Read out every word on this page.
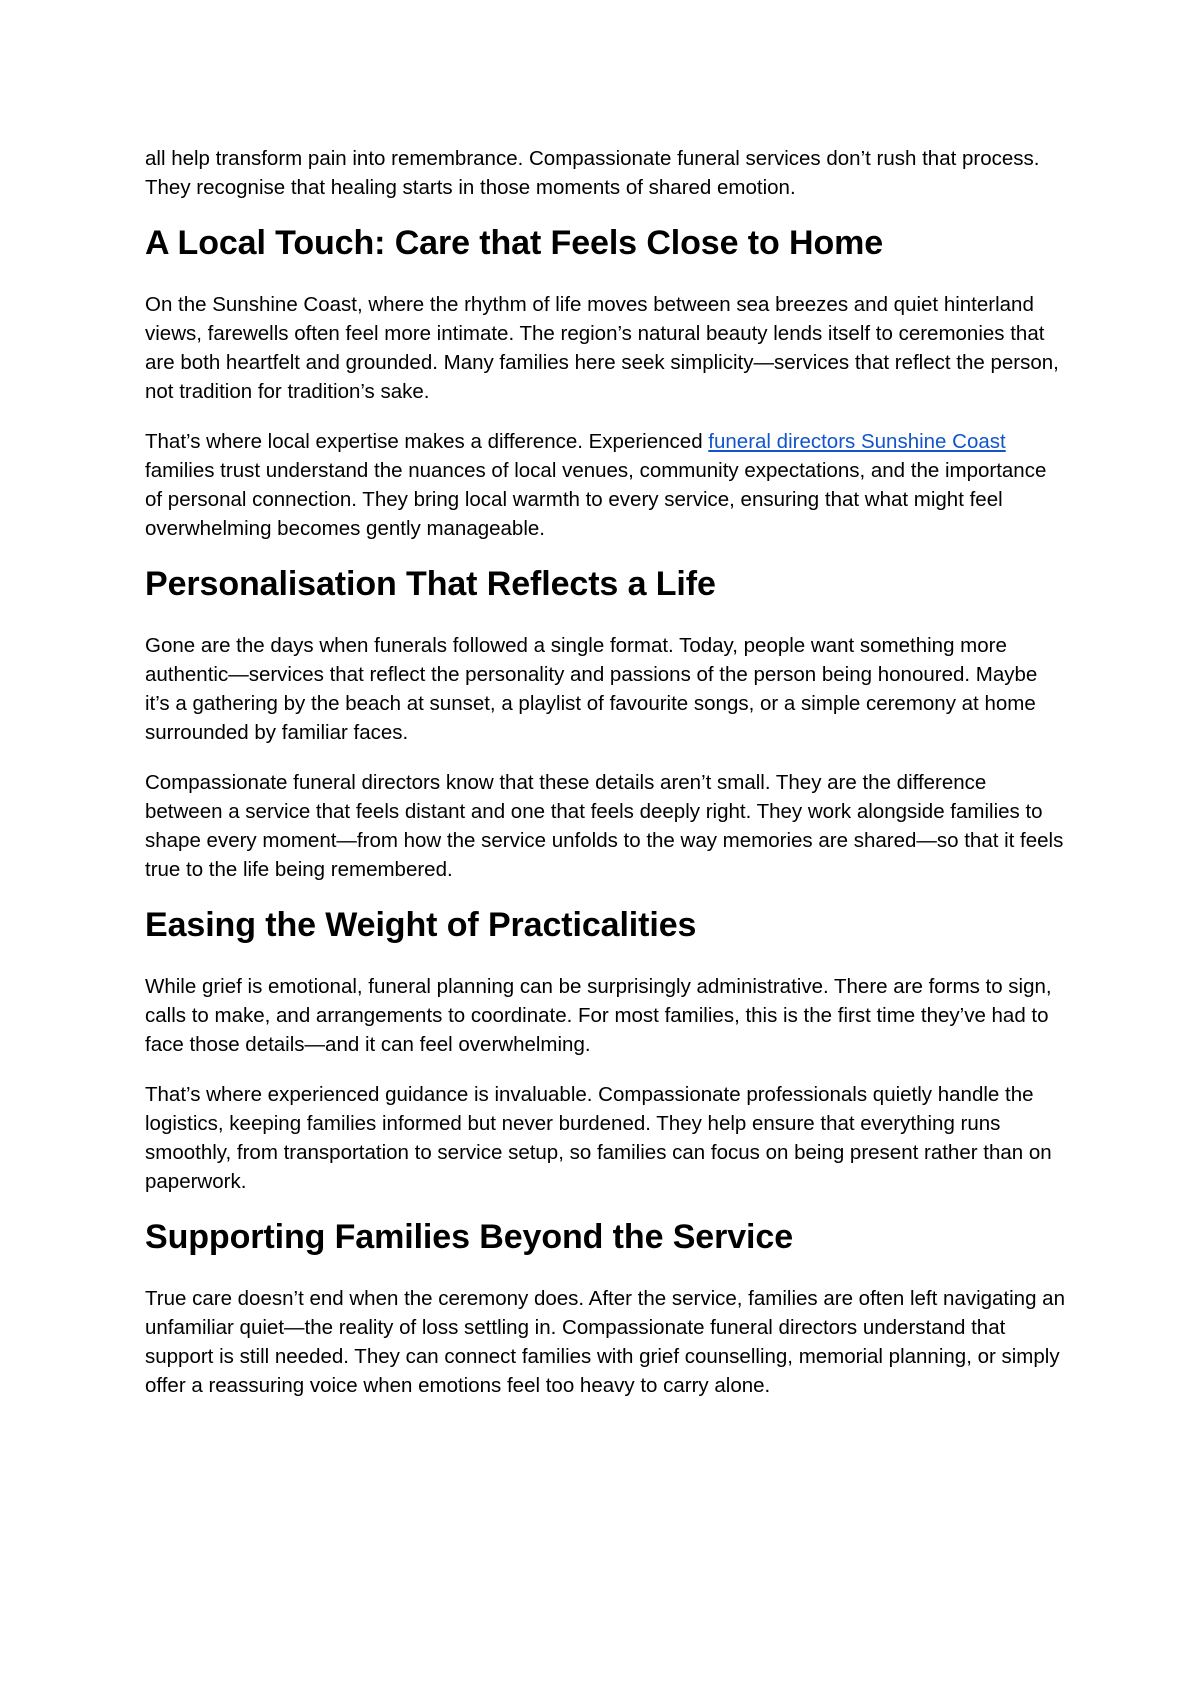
all help transform pain into remembrance. Compassionate funeral services don’t rush that process. They recognise that healing starts in those moments of shared emotion.

A Local Touch: Care that Feels Close to Home

On the Sunshine Coast, where the rhythm of life moves between sea breezes and quiet hinterland views, farewells often feel more intimate. The region’s natural beauty lends itself to ceremonies that are both heartfelt and grounded. Many families here seek simplicity—services that reflect the person, not tradition for tradition’s sake.

That’s where local expertise makes a difference. Experienced funeral directors Sunshine Coast families trust understand the nuances of local venues, community expectations, and the importance of personal connection. They bring local warmth to every service, ensuring that what might feel overwhelming becomes gently manageable.

Personalisation That Reflects a Life

Gone are the days when funerals followed a single format. Today, people want something more authentic—services that reflect the personality and passions of the person being honoured. Maybe it’s a gathering by the beach at sunset, a playlist of favourite songs, or a simple ceremony at home surrounded by familiar faces.

Compassionate funeral directors know that these details aren’t small. They are the difference between a service that feels distant and one that feels deeply right. They work alongside families to shape every moment—from how the service unfolds to the way memories are shared—so that it feels true to the life being remembered.

Easing the Weight of Practicalities

While grief is emotional, funeral planning can be surprisingly administrative. There are forms to sign, calls to make, and arrangements to coordinate. For most families, this is the first time they’ve had to face those details—and it can feel overwhelming.

That’s where experienced guidance is invaluable. Compassionate professionals quietly handle the logistics, keeping families informed but never burdened. They help ensure that everything runs smoothly, from transportation to service setup, so families can focus on being present rather than on paperwork.

Supporting Families Beyond the Service

True care doesn’t end when the ceremony does. After the service, families are often left navigating an unfamiliar quiet—the reality of loss settling in. Compassionate funeral directors understand that support is still needed. They can connect families with grief counselling, memorial planning, or simply offer a reassuring voice when emotions feel too heavy to carry alone.
